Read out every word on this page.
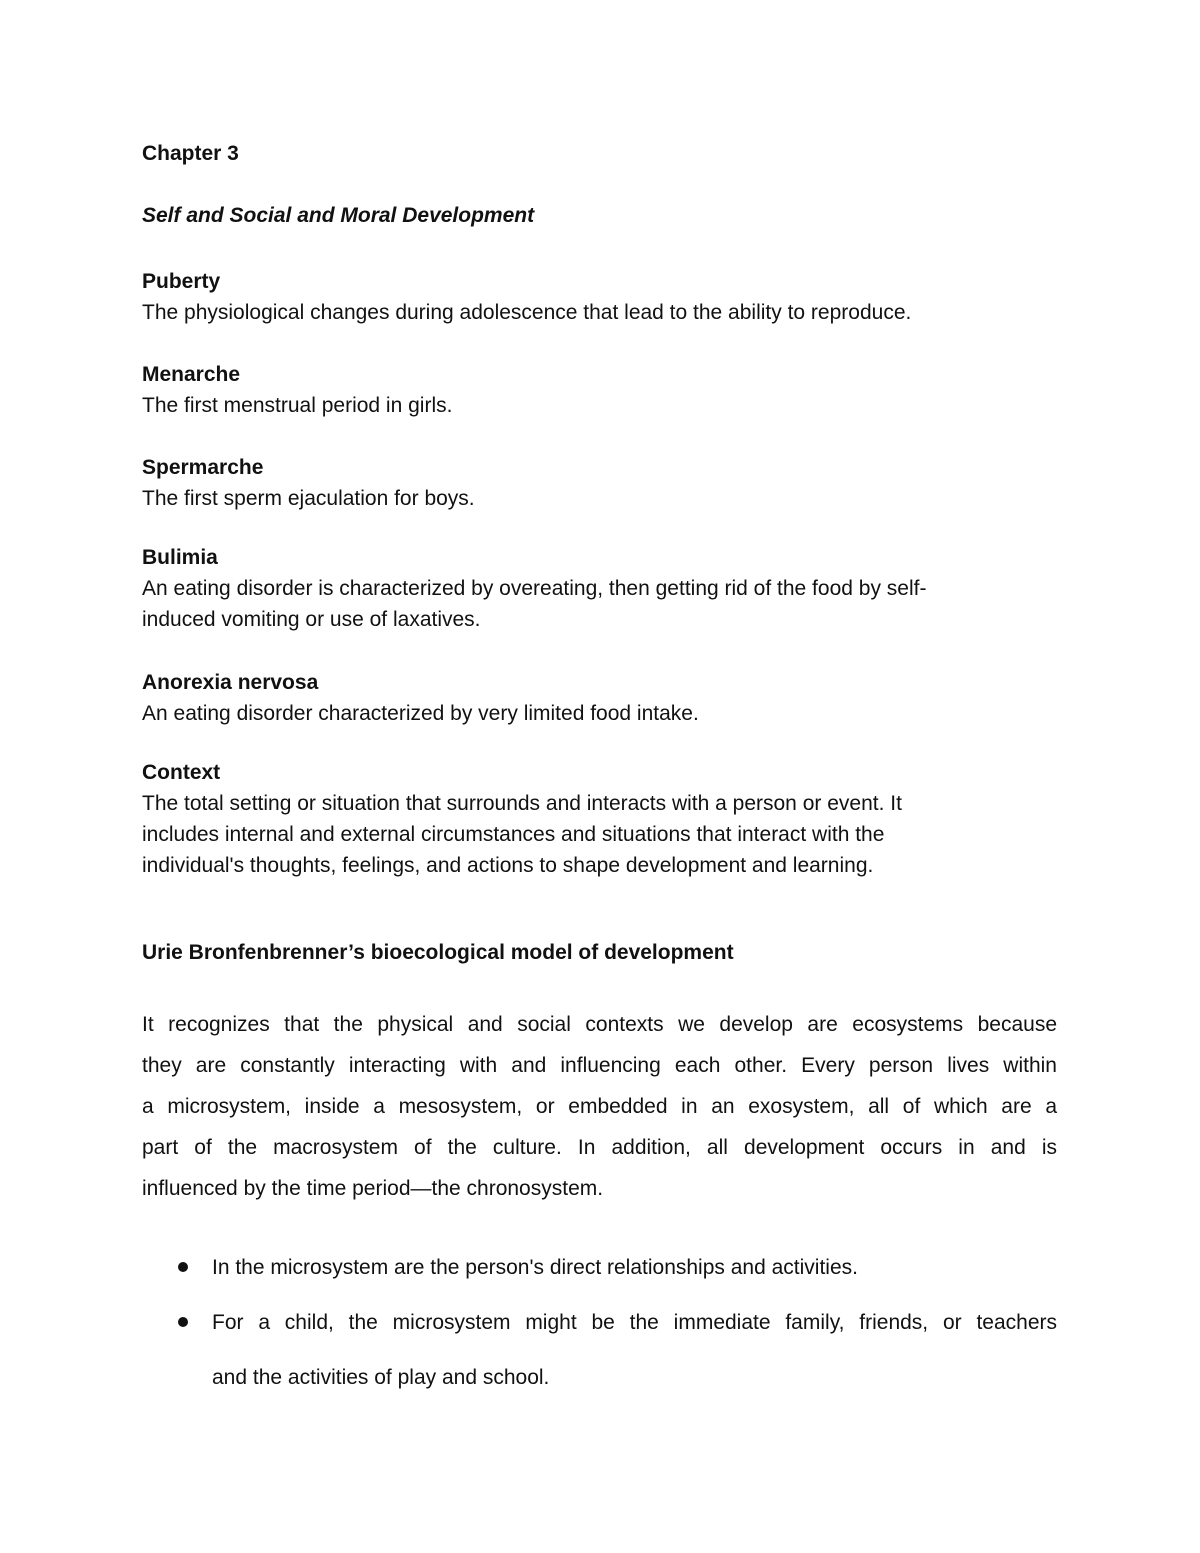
Chapter 3

Self and Social and Moral Development

Puberty
The physiological changes during adolescence that lead to the ability to reproduce.
Menarche
The first menstrual period in girls.
Spermarche
The first sperm ejaculation for boys.
Bulimia
An eating disorder is characterized by overeating, then getting rid of the food by self-
induced vomiting or use of laxatives.
Anorexia nervosa
An eating disorder characterized by very limited food intake.
Context
The total setting or situation that surrounds and interacts with a person or event. It
includes internal and external circumstances and situations that interact with the
individual's thoughts, feelings, and actions to shape development and learning.

Urie Bronfenbrenner’s bioecological model of development

It recognizes that the physical and social contexts we develop are ecosystems because
they are constantly interacting with and influencing each other. Every person lives within
a microsystem, inside a mesosystem, or embedded in an exosystem, all of which are a
part of the macrosystem of the culture. In addition, all development occurs in and is
influenced by the time period—the chronosystem.
In the microsystem are the person's direct relationships and activities.
For a child, the microsystem might be the immediate family, friends, or teachers
and the activities of play and school.
